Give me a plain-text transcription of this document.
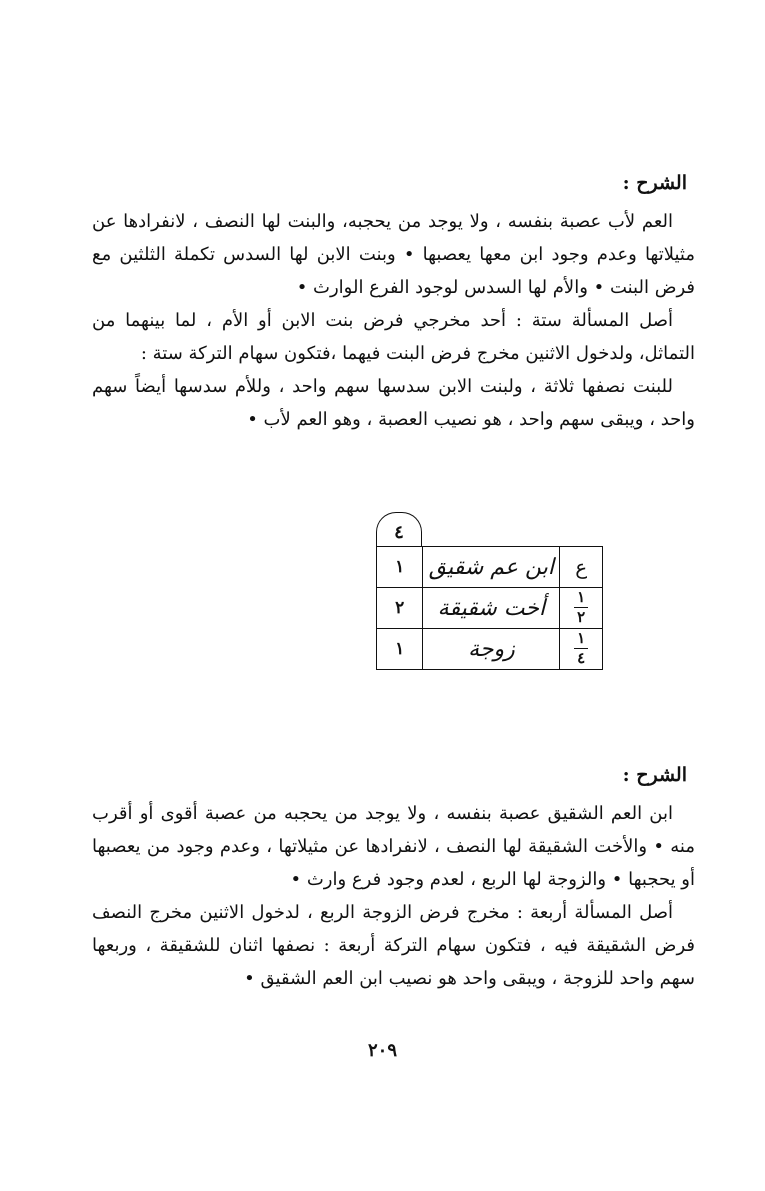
الشرح :

العم لأب عصبة بنفسه ، ولا يوجد من يحجبه، والبنت لها النصف ، لانفرادها عن مثيلاتها وعدم وجود ابن معها يعصبها • وبنت الابن لها السدس تكملة الثلثين مع فرض البنت • والأم لها السدس لوجود الفرع الوارث •

أصل المسألة ستة : أحد مخرجي فرض بنت الابن أو الأم ، لما بينهما من التماثل، ولدخول الاثنين مخرج فرض البنت فيهما ،فتكون سهام التركة ستة :

للبنت نصفها ثلاثة ، ولبنت الابن سدسها سهم واحد ، وللأم سدسها أيضاً سهم واحد ، ويبقى سهم واحد ، هو نصيب العصبة ، وهو العم لأب •

٤
ع	ابن عم شقيق	١

$\frac{١}{٢}$	أخت شقيقة	٢

$\frac{١}{٤}$	زوجة	١
الشرح :

ابن العم الشقيق عصبة بنفسه ، ولا يوجد من يحجبه من عصبة أقوى أو أقرب منه • والأخت الشقيقة لها النصف ، لانفرادها عن مثيلاتها ، وعدم وجود من يعصبها أو يحجبها • والزوجة لها الربع ، لعدم وجود فرع وارث •

أصل المسألة أربعة : مخرج فرض الزوجة الربع ، لدخول الاثنين مخرج النصف فرض الشقيقة فيه ، فتكون سهام التركة أربعة : نصفها اثنان للشقيقة ، وربعها سهم واحد للزوجة ، ويبقى واحد هو نصيب ابن العم الشقيق •

٢٠٩
